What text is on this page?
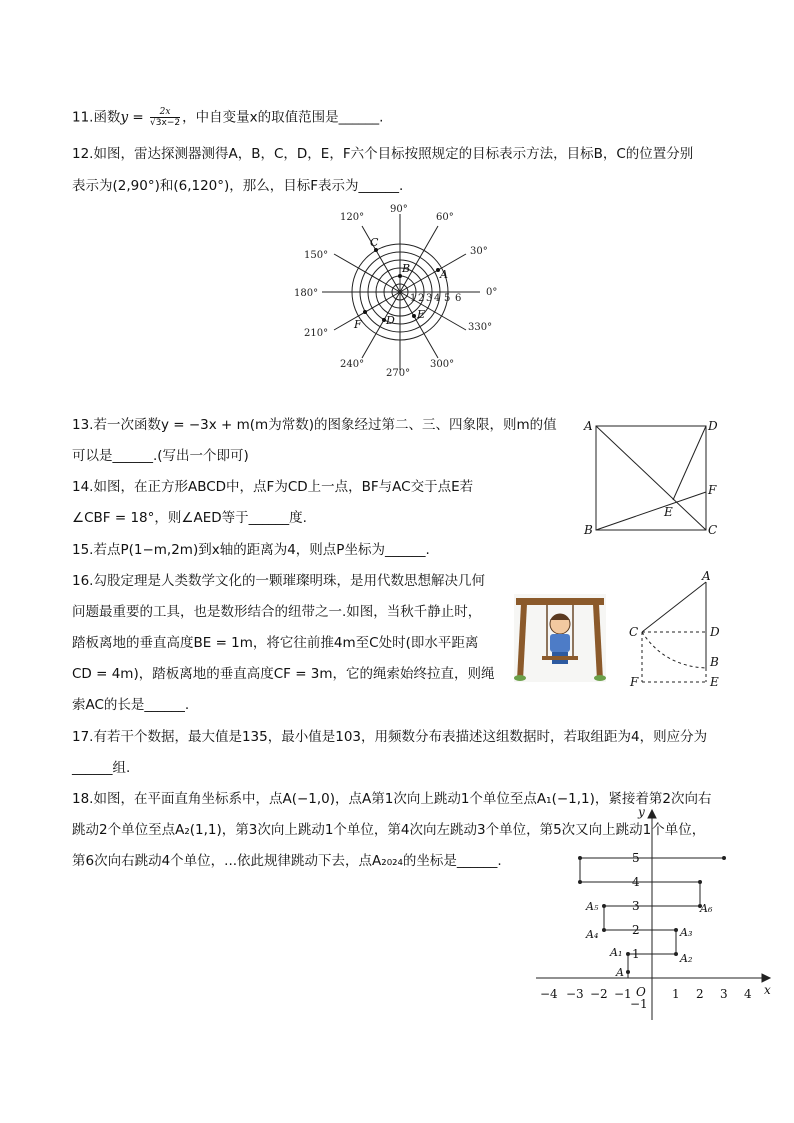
11.函数$y = \frac{2x}{√3x-2}$ ，中自变量x的取值范围是______.
12.如图，雷达探测器测得A，B，C，D，E，F六个目标按照规定的目标表示方法，目标B，C的位置分别
表示为(2,90°)和(6,120°)，那么，目标F表示为______.
90°
60°
30°
0°
330°
300°
270°
240°
210°
180°
150°
120°
1 2 3 4 5 6
A
B
C
D E
F
13.若一次函数y = −3x + m(m为常数)的图象经过第二、三、四象限，则m的值
可以是______.(写出一个即可)
14.如图，在正方形ABCD中，点F为CD上一点，BF与AC交于点E若
∠CBF = 18°，则∠AED等于______度.
A	D
F
E
B	C
15.若点P(1−m,2m)到x轴的距离为4，则点P坐标为______.
16.勾股定理是人类数学文化的一颗璀璨明珠，是用代数思想解决几何
问题最重要的工具，也是数形结合的纽带之一.如图，当秋千静止时，
踏板离地的垂直高度BE = 1m，将它往前推4m至C处时(即水平距离
CD = 4m)，踏板离地的垂直高度CF = 3m，它的绳索始终拉直，则绳
索AC的长是______.
A
C	D
B
F	E
17.有若干个数据，最大值是135，最小值是103，用频数分布表描述这组数据时，若取组距为4，则应分为
______组.
18.如图，在平面直角坐标系中，点A(−1,0)，点A第1次向上跳动1个单位至点A₁(−1,1)，紧接着第2次向右
跳动2个单位至点A₂(1,1)，第3次向上跳动1个单位，第4次向左跳动3个单位，第5次又向上跳动1个单位，
第6次向右跳动4个单位，...依此规律跳动下去，点A₂₀₂₄的坐标是______.
−4 −3 −2 −1	1 2 3 4
1
2
3
4
5
−1
x
y
O
A
A₁	A₂
A₃
A₄
A₅	A₆
